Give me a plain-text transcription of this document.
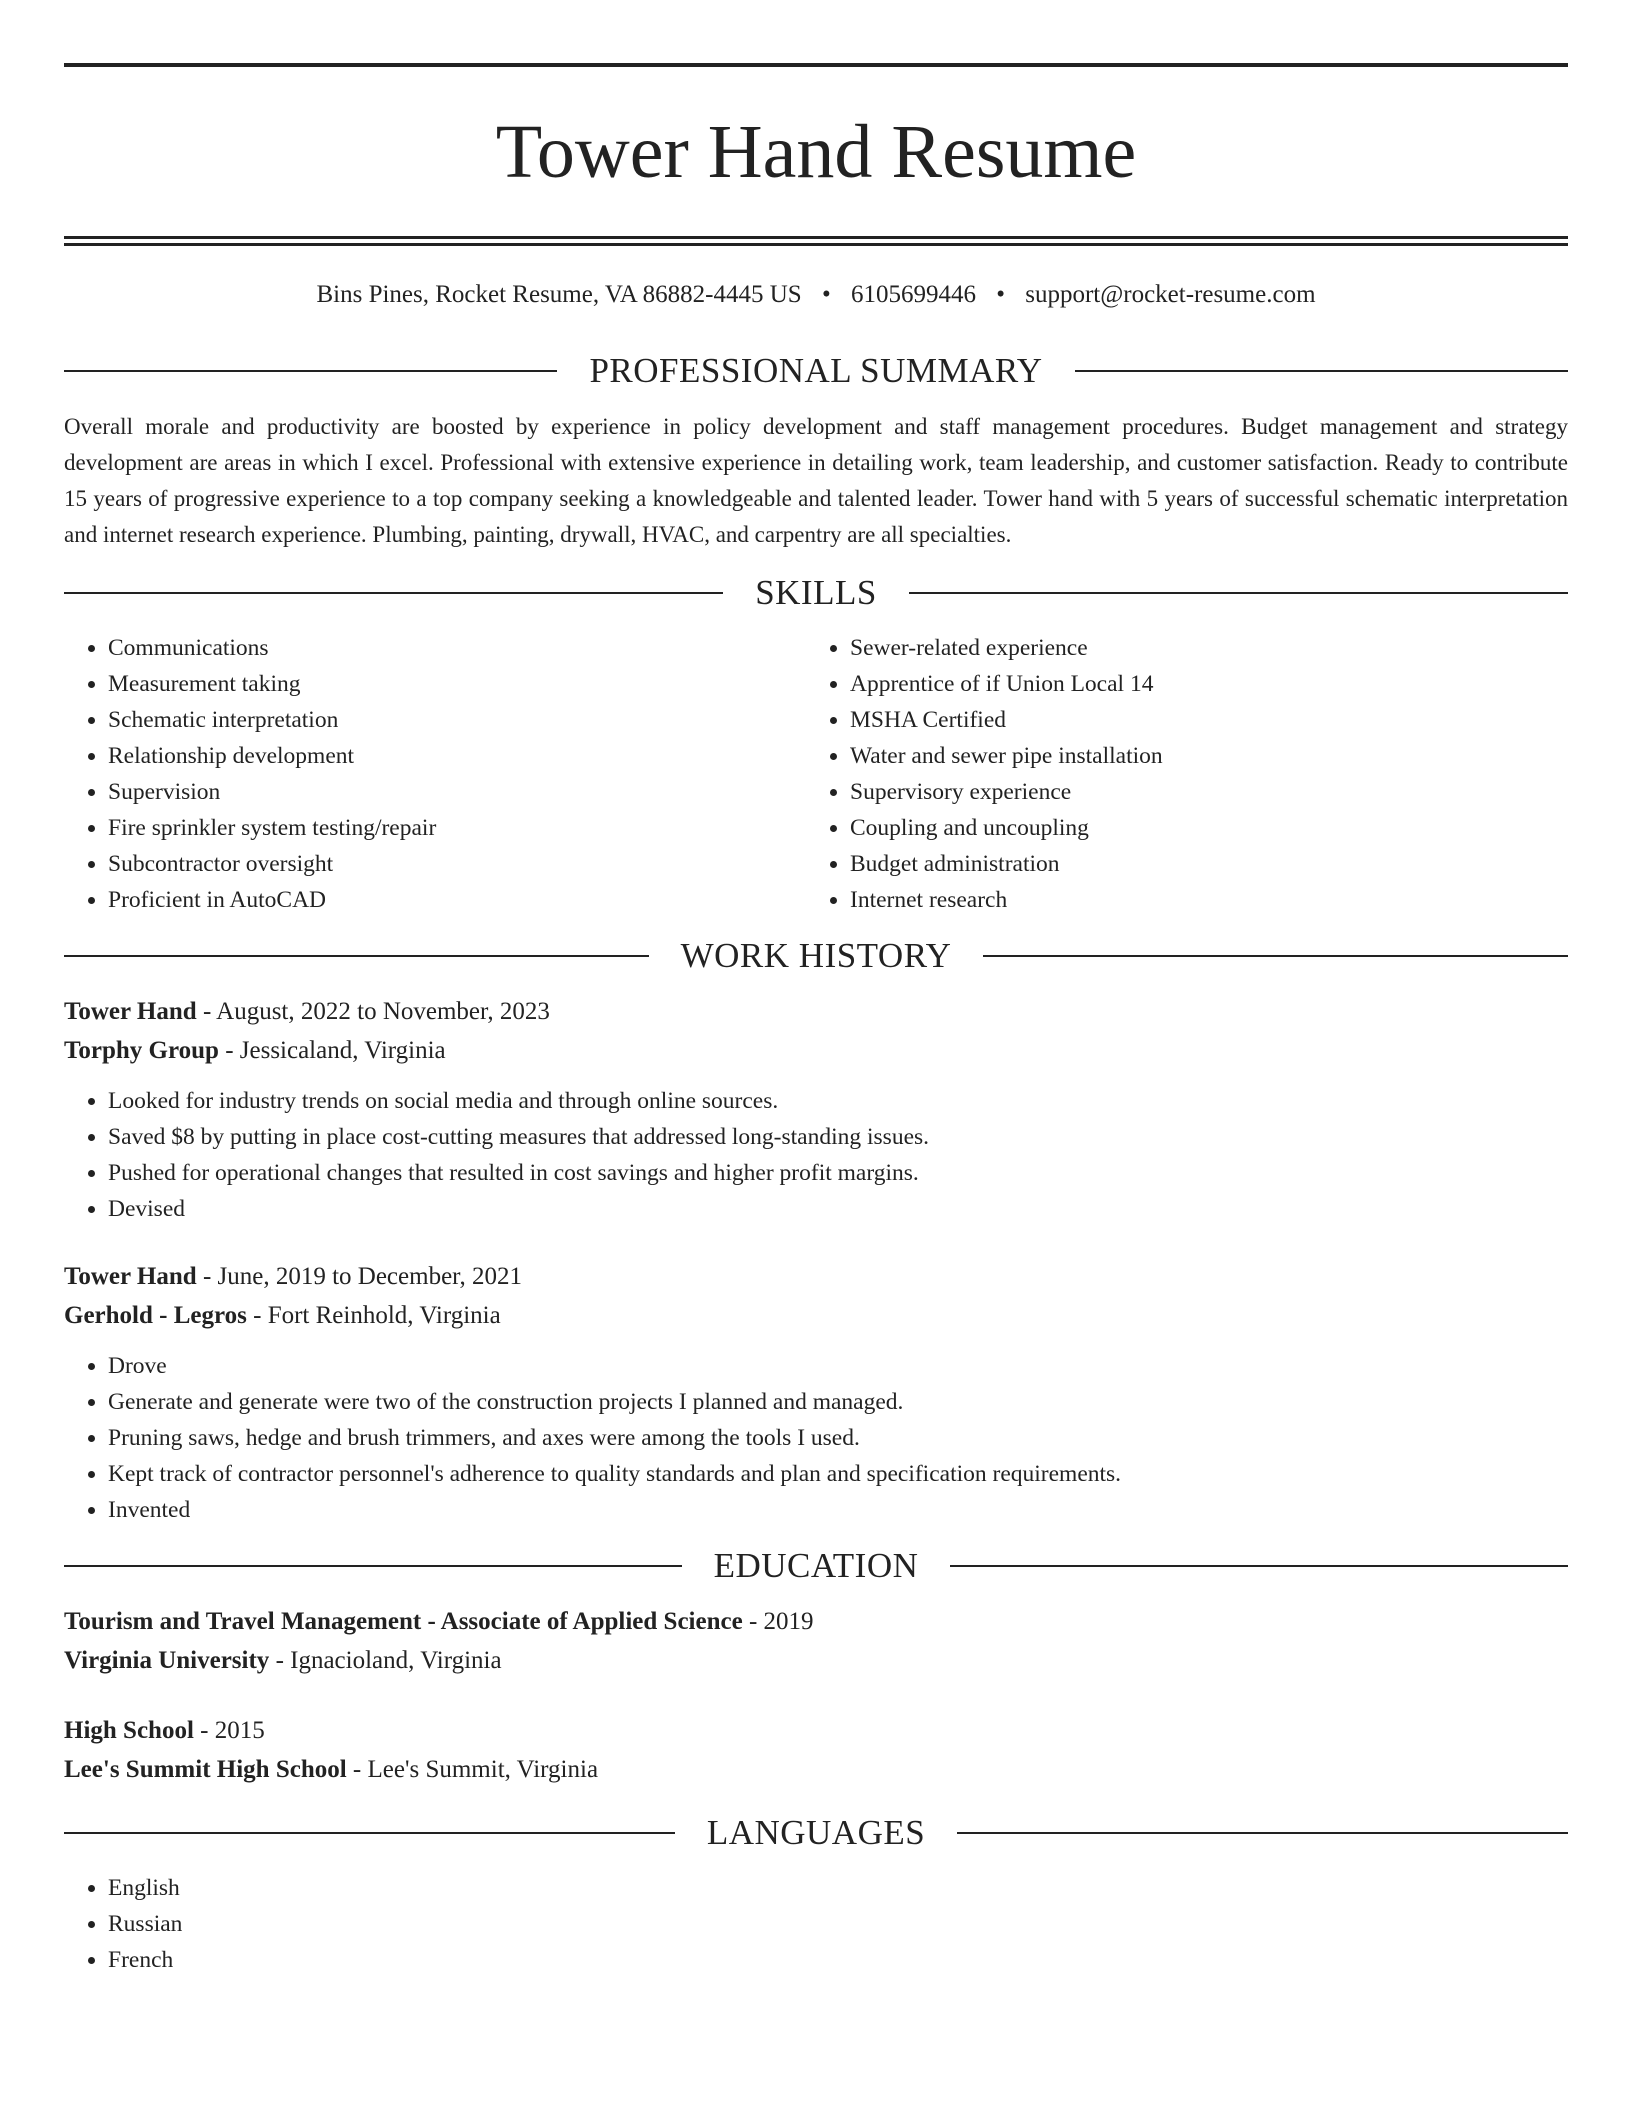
Tower Hand Resume
Bins Pines, Rocket Resume, VA 86882-4445 US • 6105699446 • support@rocket-resume.com
PROFESSIONAL SUMMARY

Overall morale and productivity are boosted by experience in policy development and staff management procedures. Budget management and strategy development are areas in which I excel. Professional with extensive experience in detailing work, team leadership, and customer satisfaction. Ready to contribute 15 years of progressive experience to a top company seeking a knowledgeable and talented leader. Tower hand with 5 years of successful schematic interpretation and internet research experience. Plumbing, painting, drywall, HVAC, and carpentry are all specialties.

SKILLS
• Communications
• Measurement taking
• Schematic interpretation
• Relationship development
• Supervision
• Fire sprinkler system testing/repair
• Subcontractor oversight
• Proficient in AutoCAD
• Sewer-related experience
• Apprentice of if Union Local 14
• MSHA Certified
• Water and sewer pipe installation
• Supervisory experience
• Coupling and uncoupling
• Budget administration
• Internet research
WORK HISTORY
Tower Hand - August, 2022 to November, 2023
Torphy Group - Jessicaland, Virginia
• Looked for industry trends on social media and through online sources.
• Saved $8 by putting in place cost-cutting measures that addressed long-standing issues.
• Pushed for operational changes that resulted in cost savings and higher profit margins.
• Devised
Tower Hand - June, 2019 to December, 2021
Gerhold - Legros - Fort Reinhold, Virginia
• Drove
• Generate and generate were two of the construction projects I planned and managed.
• Pruning saws, hedge and brush trimmers, and axes were among the tools I used.
• Kept track of contractor personnel's adherence to quality standards and plan and specification requirements.
• Invented
EDUCATION
Tourism and Travel Management - Associate of Applied Science - 2019
Virginia University - Ignacioland, Virginia
High School - 2015
Lee's Summit High School - Lee's Summit, Virginia
LANGUAGES
• English
• Russian
• French
